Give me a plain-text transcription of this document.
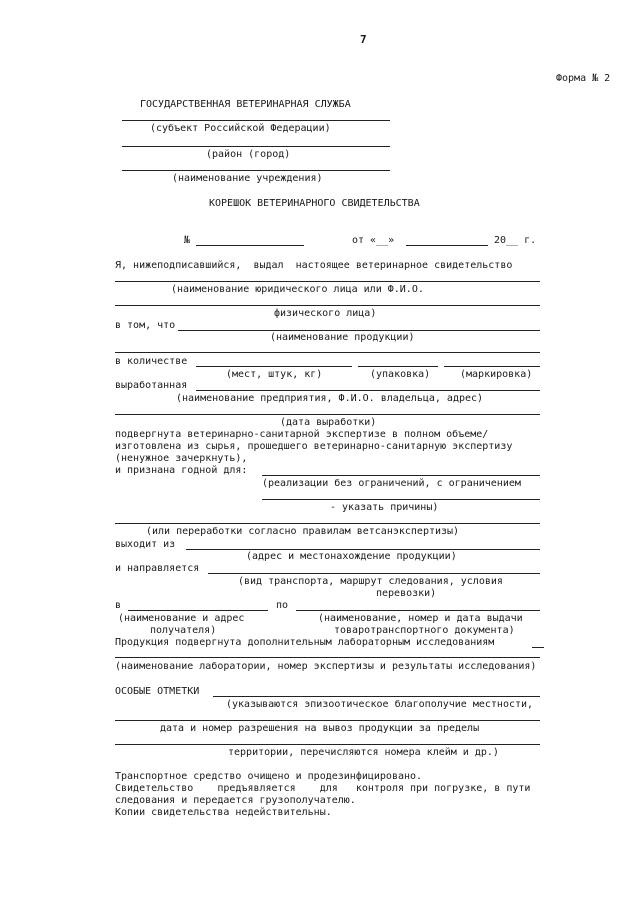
7
Форма № 2
ГОСУДАРСТВЕННАЯ ВЕТЕРИНАРНАЯ СЛУЖБА
(субъект Российской Федерации)
(район (город)
(наименование учреждения)
КОРЕШОК ВЕТЕРИНАРНОГО СВИДЕТЕЛЬСТВА
№	от «__»	20__ г.
Я, нижеподписавшийся,  выдал  настоящее ветеринарное свидетельство
(наименование юридического лица или Ф.И.О.
физического лица)
в том, что
(наименование продукции)
в количестве
(мест, штук, кг)	(упаковка)	(маркировка)
выработанная
(наименование предприятия, Ф.И.О. владельца, адрес)
(дата выработки)
подвергнута ветеринарно-санитарной экспертизе в полном объеме/
изготовлена из сырья, прошедшего ветеринарно-санитарную экспертизу
(ненужное зачеркнуть),
и признана годной для:
(реализации без ограничений, с ограничением
- указать причины)
(или переработки согласно правилам ветсанэкспертизы)
выходит из
(адрес и местонахождение продукции)
и направляется
(вид транспорта, маршрут следования, условия
перевозки)
в	по
(наименование и адрес
получателя)
(наименование, номер и дата выдачи
товаротранспортного документа)
Продукция подвергнута дополнительным лабораторным исследованиям
(наименование лаборатории, номер экспертизы и результаты исследования)
ОСОБЫЕ ОТМЕТКИ
(указываются эпизоотическое благополучие местности,
дата и номер разрешения на вывоз продукции за пределы
территории, перечисляются номера клейм и др.)
Транспортное средство очищено и продезинфицировано.
Свидетельство    предъявляется    для   контроля при погрузке, в пути
следования и передается грузополучателю.
Копии свидетельства недействительны.
